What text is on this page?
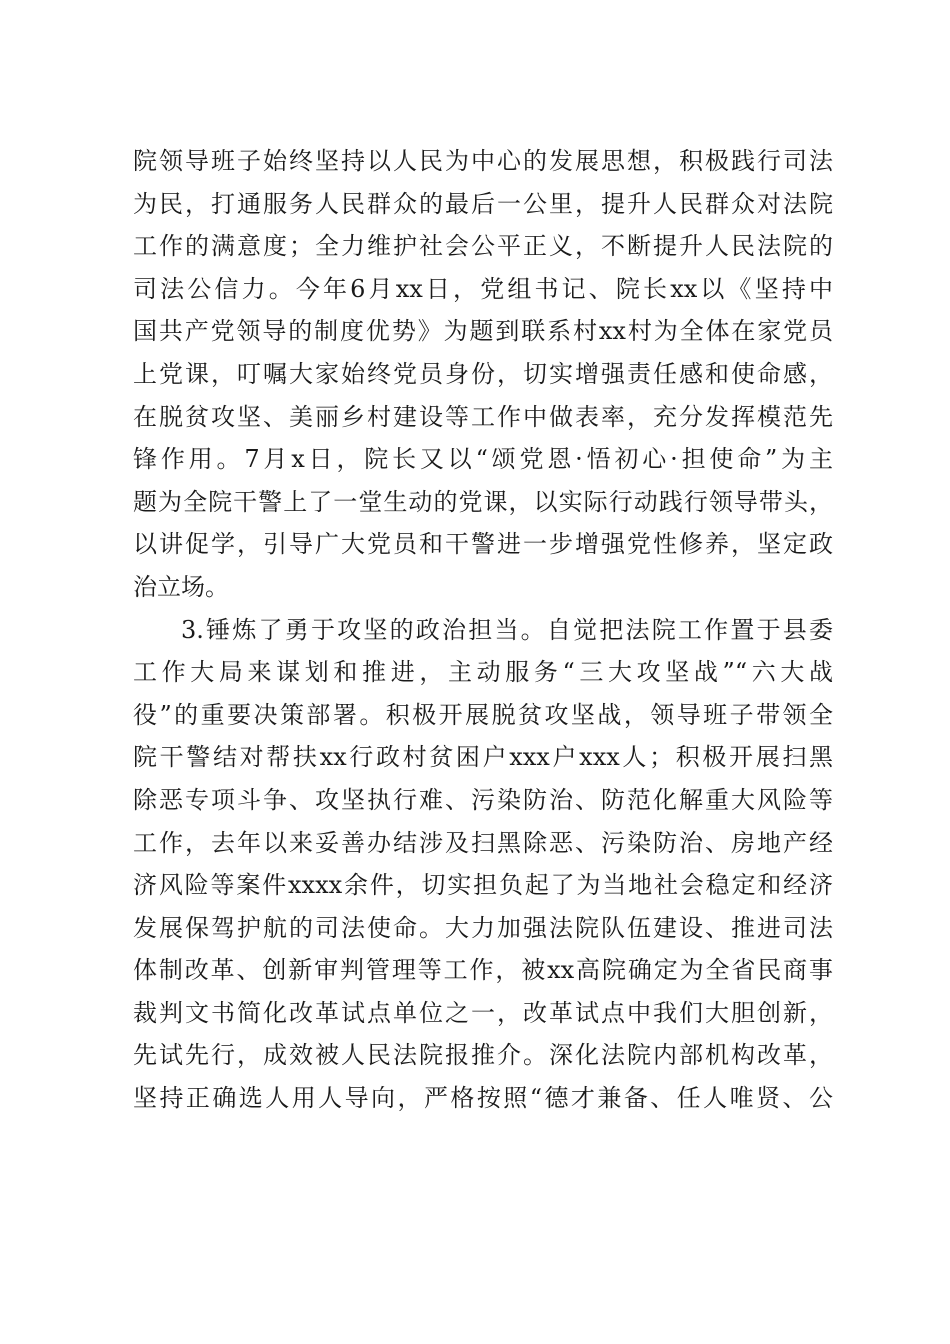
院领导班子始终坚持以人民为中心的发展思想，积极践行司法
为民，打通服务人民群众的最后一公里，提升人民群众对法院
工作的满意度；全力维护社会公平正义，不断提升人民法院的
司法公信力。今年6月xx日，党组书记、院长xx以《坚持中
国共产党领导的制度优势》为题到联系村xx村为全体在家党员
上党课，叮嘱大家始终党员身份，切实增强责任感和使命感，
在脱贫攻坚、美丽乡村建设等工作中做表率，充分发挥模范先
锋作用。7月x日，院长又以“颂党恩·悟初心·担使命”为主
题为全院干警上了一堂生动的党课，以实际行动践行领导带头，
以讲促学，引导广大党员和干警进一步增强党性修养，坚定政
治立场。
3.锤炼了勇于攻坚的政治担当。自觉把法院工作置于县委
工作大局来谋划和推进，主动服务“三大攻坚战”“六大战
役”的重要决策部署。积极开展脱贫攻坚战，领导班子带领全
院干警结对帮扶xx行政村贫困户xxx户xxx人；积极开展扫黑
除恶专项斗争、攻坚执行难、污染防治、防范化解重大风险等
工作，去年以来妥善办结涉及扫黑除恶、污染防治、房地产经
济风险等案件xxxx余件，切实担负起了为当地社会稳定和经济
发展保驾护航的司法使命。大力加强法院队伍建设、推进司法
体制改革、创新审判管理等工作，被xx高院确定为全省民商事
裁判文书简化改革试点单位之一，改革试点中我们大胆创新，
先试先行，成效被人民法院报推介。深化法院内部机构改革，
坚持正确选人用人导向，严格按照“德才兼备、任人唯贤、公
